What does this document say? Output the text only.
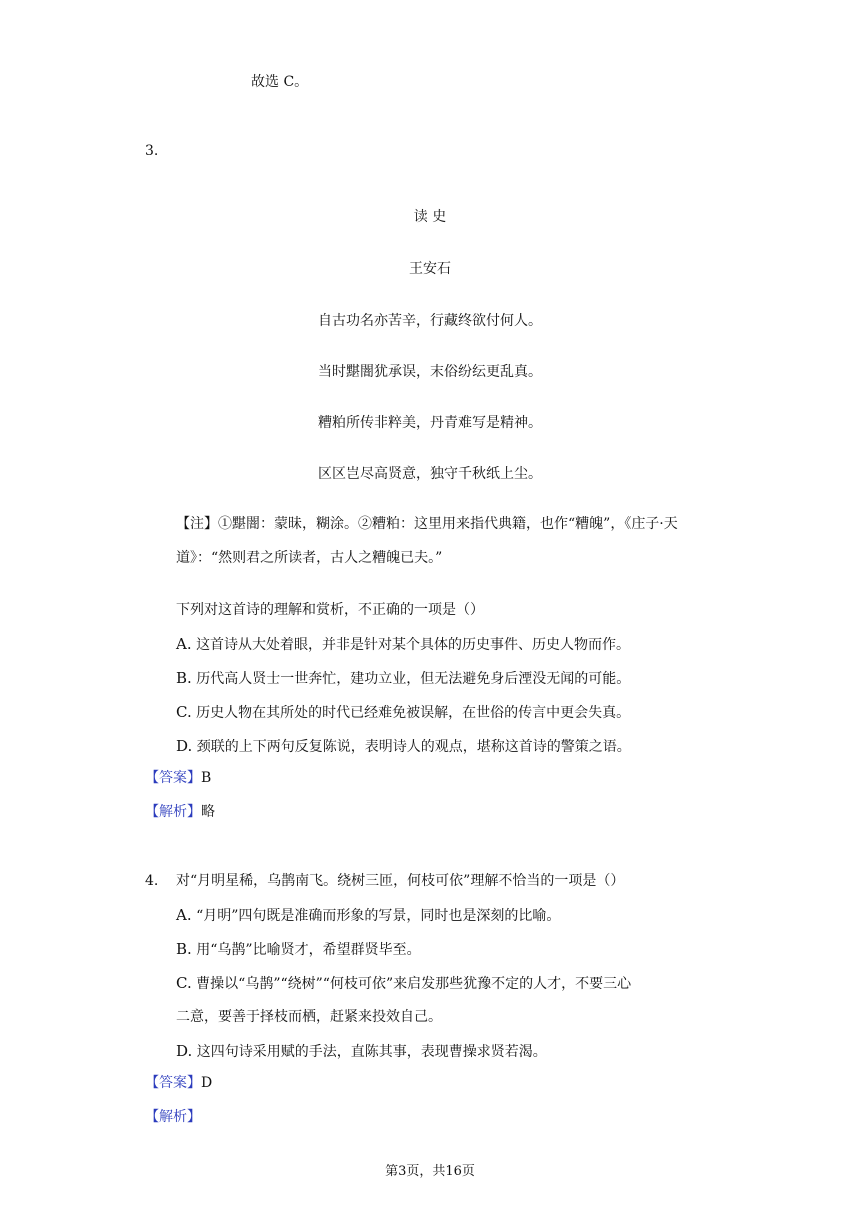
故选 C。
3.
读 史
王安石
自古功名亦苦辛，行藏终欲付何人。
当时黮闇犹承误，末俗纷纭更乱真。
糟粕所传非粹美，丹青难写是精神。
区区岂尽高贤意，独守千秋纸上尘。
【注】①黮闇：蒙昧，糊涂。②糟粕：这里用来指代典籍，也作“糟魄”，《庄子·天
道》：“然则君之所读者，古人之糟魄已夫。”
下列对这首诗的理解和赏析，不正确的一项是（）
A. 这首诗从大处着眼，并非是针对某个具体的历史事件、历史人物而作。
B. 历代高人贤士一世奔忙，建功立业，但无法避免身后湮没无闻的可能。
C. 历史人物在其所处的时代已经难免被误解，在世俗的传言中更会失真。
D. 颈联的上下两句反复陈说，表明诗人的观点，堪称这首诗的警策之语。
【答案】B
【解析】略
4. 对“月明星稀，乌鹊南飞。绕树三匝，何枝可依”理解不恰当的一项是（）
A. “月明”四句既是准确而形象的写景，同时也是深刻的比喻。
B. 用“乌鹊”比喻贤才，希望群贤毕至。
C. 曹操以“乌鹊”“绕树”“何枝可依”来启发那些犹豫不定的人才，不要三心
二意，要善于择枝而栖，赶紧来投效自己。
D. 这四句诗采用赋的手法，直陈其事，表现曹操求贤若渴。
【答案】D
【解析】
第3页，共16页
